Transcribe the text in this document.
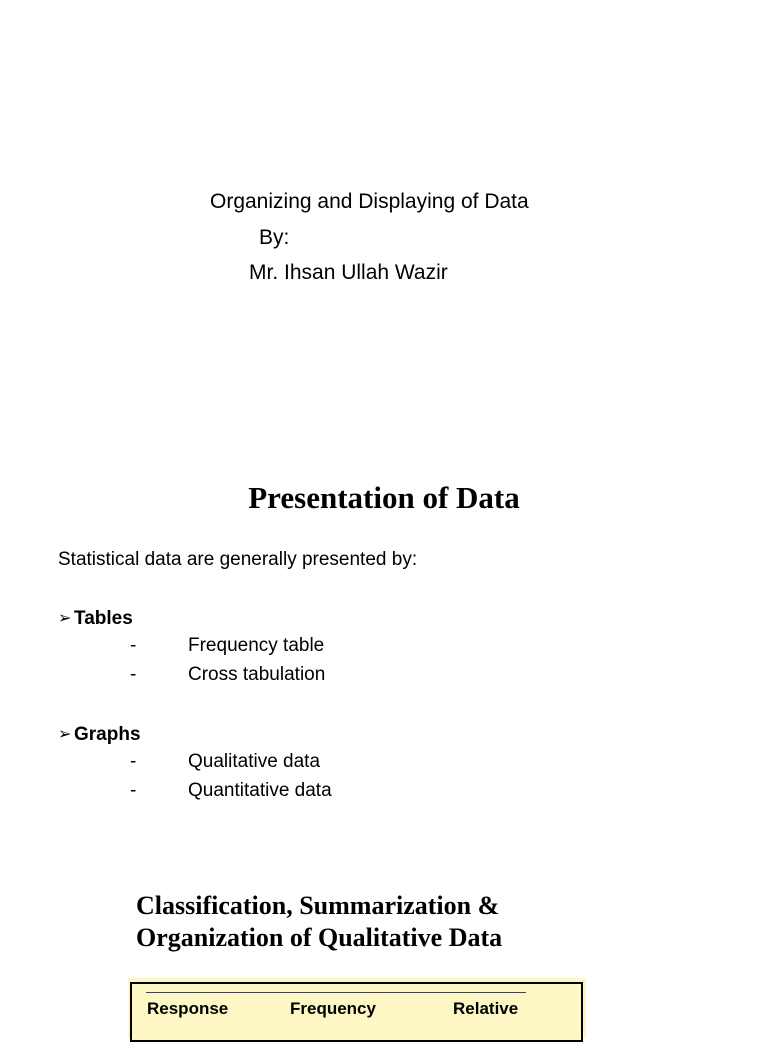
Organizing and Displaying of Data
By:
Mr. Ihsan Ullah Wazir
Presentation of Data
Statistical data are generally presented by:
➢ Tables
-	Frequency table
-	Cross tabulation
➢ Graphs
-	Qualitative data
-	Quantitative data
Classification, Summarization &
Organization of Qualitative Data
Response	Frequency	Relative
